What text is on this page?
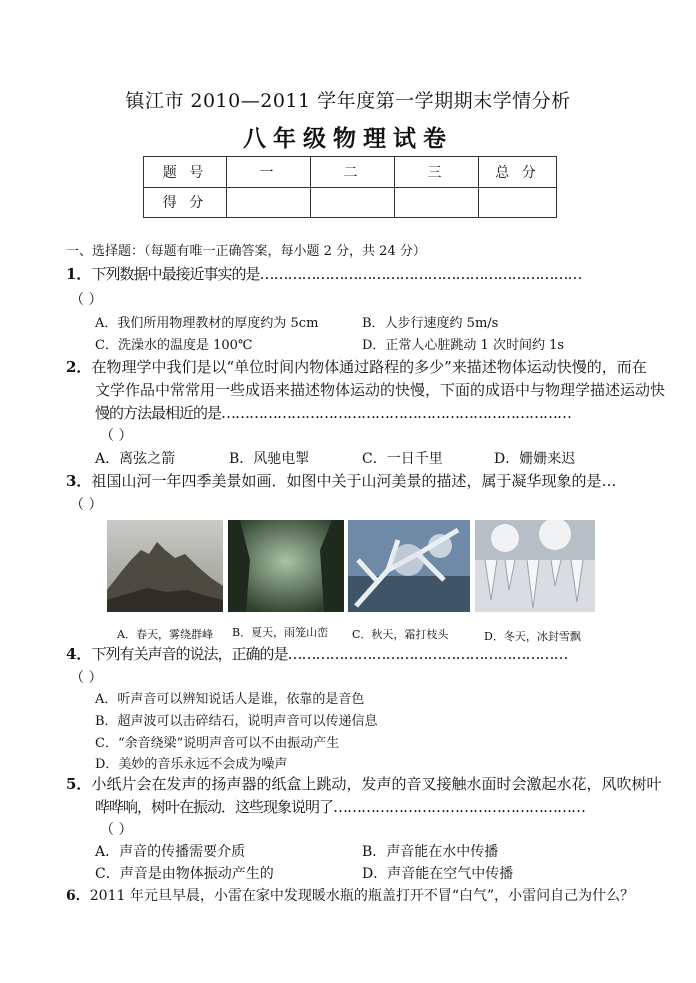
镇江市 2010—2011 学年度第一学期期末学情分析
八年级物理试卷
题 号	一	二	三	总 分
得 分				
一、选择题：（每题有唯一正确答案，每小题 2 分，共 24 分）
1．下列数据中最接近事实的是……………………………………………………………
（ ）
A．我们所用物理教材的厚度约为 5cm	B．人步行速度约 5m/s
C．洗澡水的温度是 100℃	D．正常人心脏跳动 1 次时间约 1s
2．在物理学中我们是以“单位时间内物体通过路程的多少”来描述物体运动快慢的，而在
文学作品中常常用一些成语来描述物体运动的快慢，下面的成语中与物理学描述运动快
慢的方法最相近的是…………………………………………………………………
（ ）
A．离弦之箭	B．风驰电掣	C．一日千里	D．姗姗来迟
3．祖国山河一年四季美景如画．如图中关于山河美景的描述，属于凝华现象的是…
（ ）
A．春天，雾绕群峰 B．夏天，雨笼山峦 C．秋天，霜打枝头	D．冬天，冰封雪飘
4．下列有关声音的说法，正确的是……………………………………………………
（ ）
A．听声音可以辨知说话人是谁，依靠的是音色
B．超声波可以击碎结石，说明声音可以传递信息
C．“余音绕梁”说明声音可以不由振动产生
D．美妙的音乐永远不会成为噪声
5．小纸片会在发声的扬声器的纸盒上跳动，发声的音叉接触水面时会激起水花，风吹树叶
哗哗响，树叶在振动．这些现象说明了………………………………………………
（ ）
A．声音的传播需要介质	B．声音能在水中传播
C．声音是由物体振动产生的	D．声音能在空气中传播
6．2011 年元旦早晨，小雷在家中发现暖水瓶的瓶盖打开不冒“白气”，小雷问自己为什么？
